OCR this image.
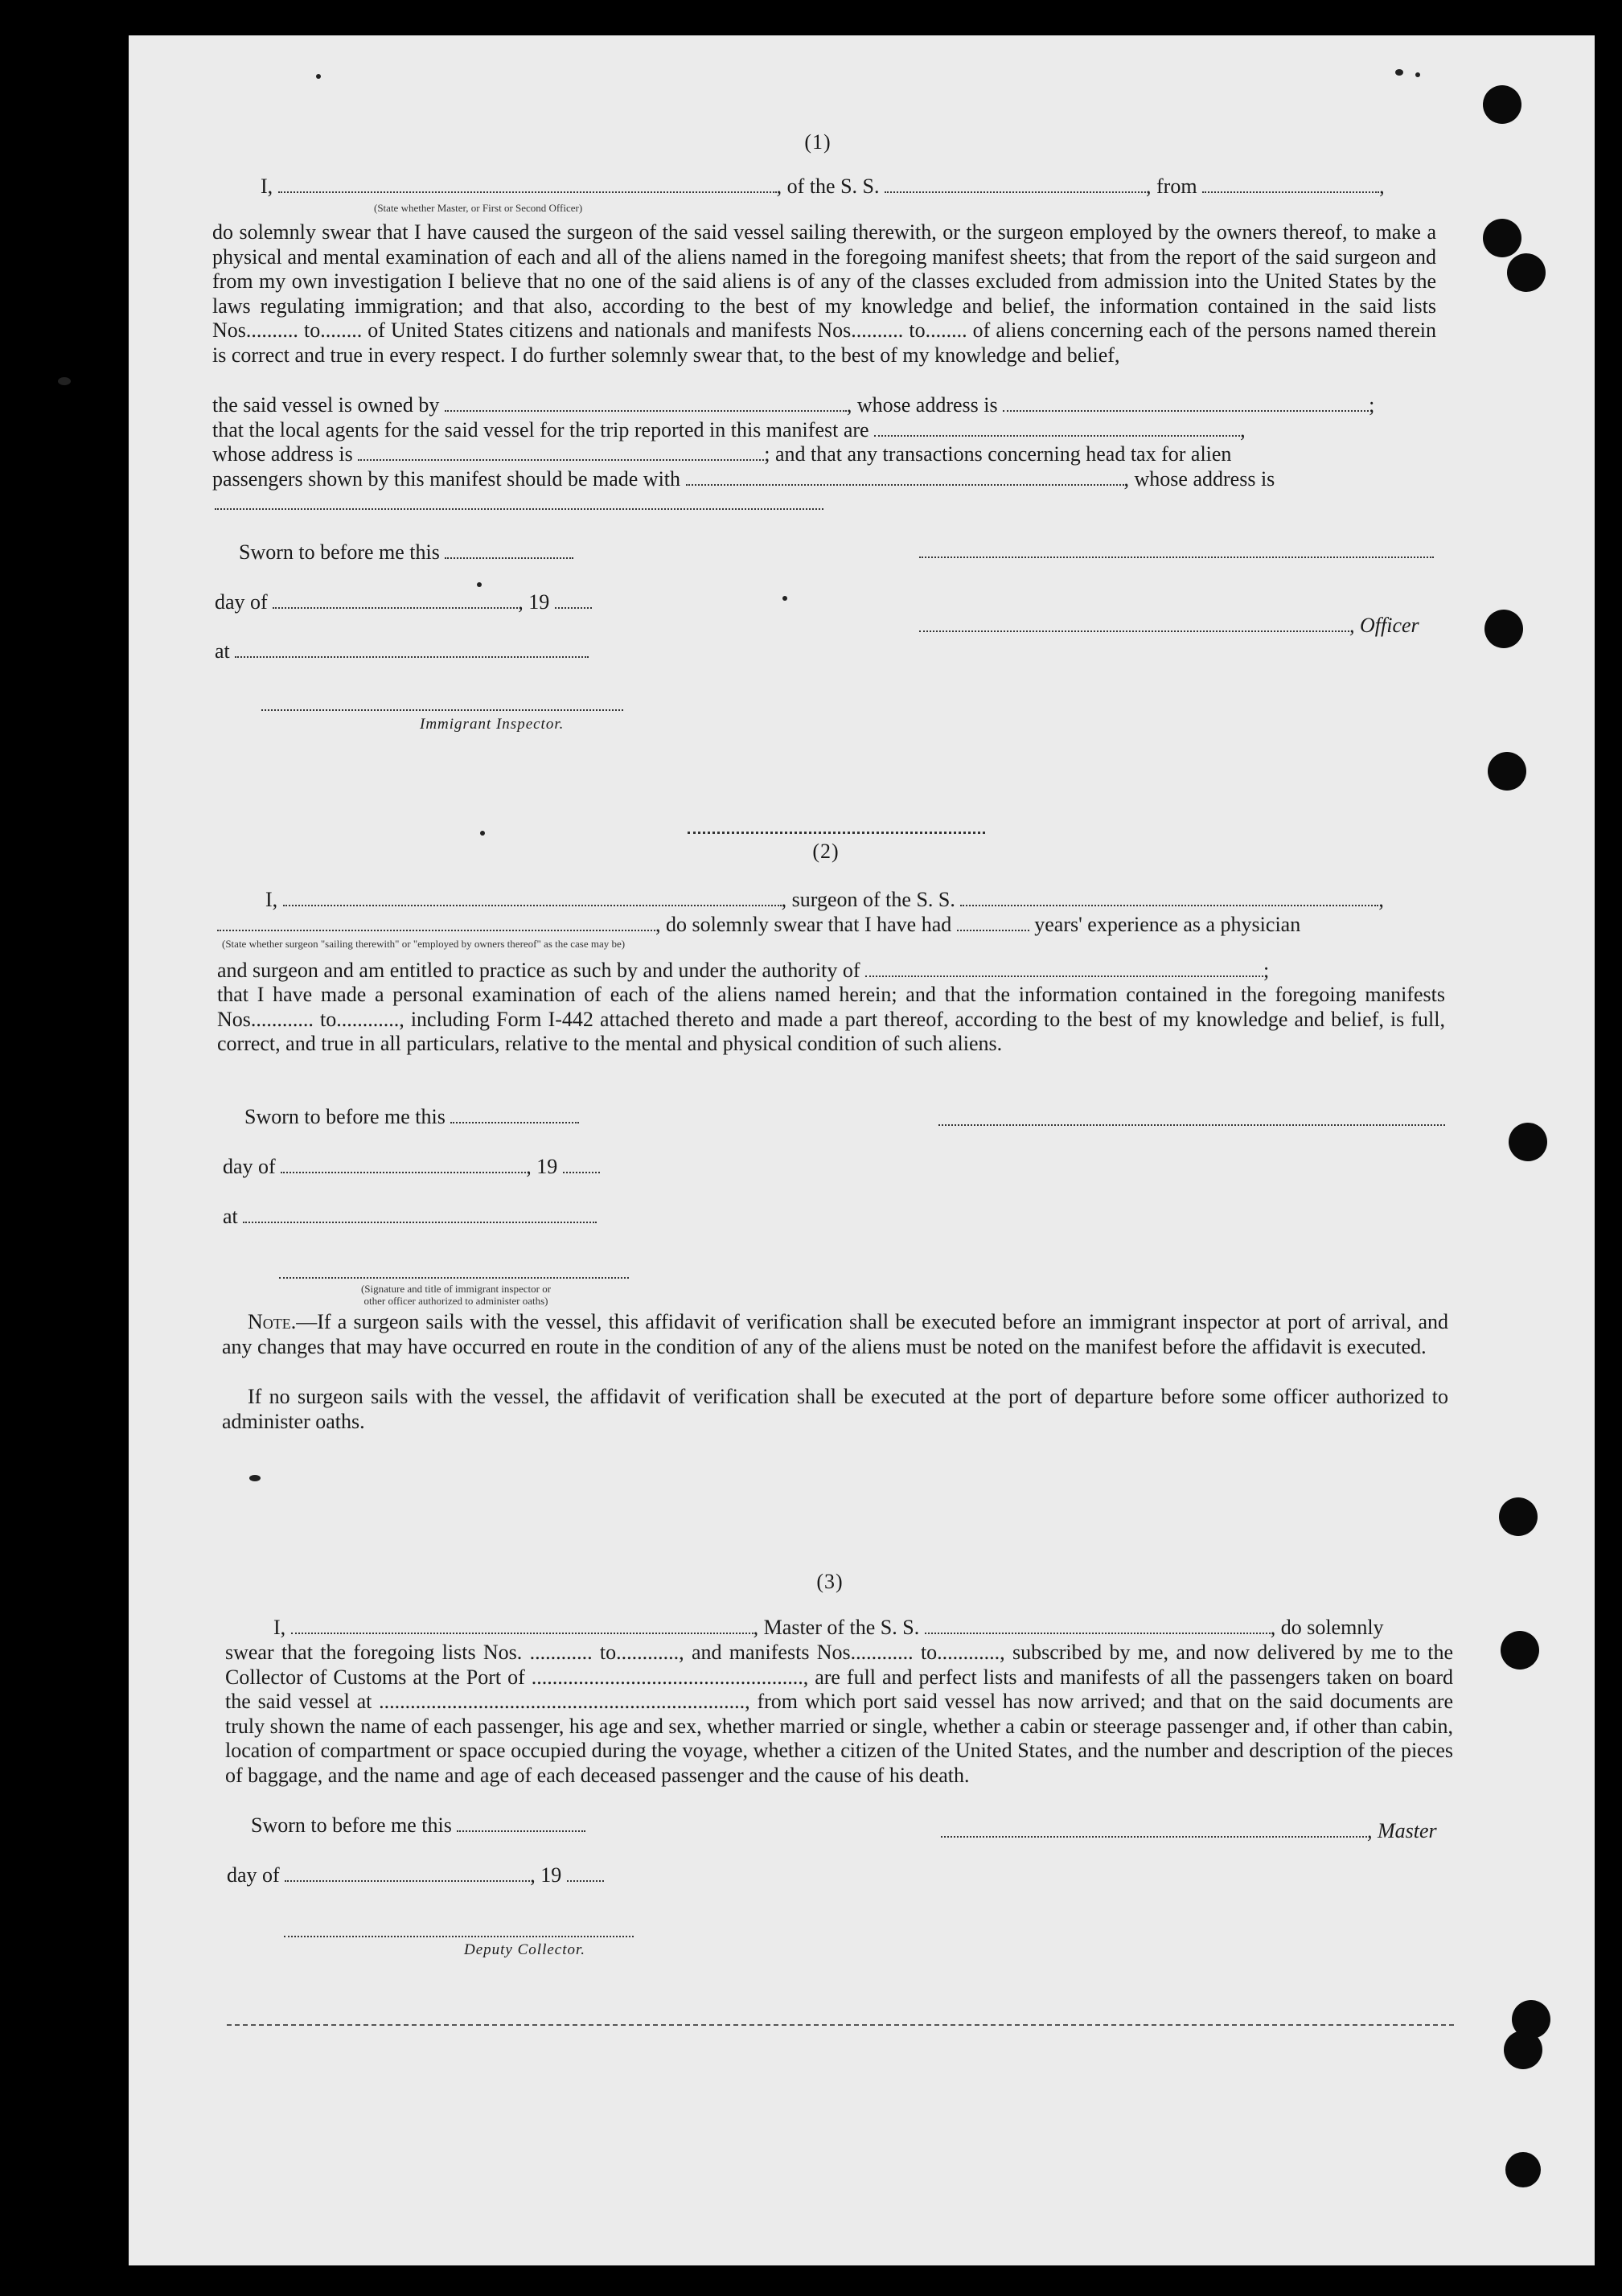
(1)
I,	, of the S. S.	, from	,
(State whether Master, or First or Second Officer)
do solemnly swear that I have caused the surgeon of the said vessel sailing therewith, or the surgeon employed by the owners thereof, to make a physical and mental examination of each and all of the aliens named in the foregoing manifest sheets; that from the report of the said surgeon and from my own investigation I believe that no one of the said aliens is of any of the classes excluded from admission into the United States by the laws regulating immigration; and that also, according to the best of my knowledge and belief, the information contained in the said lists Nos.......... to........ of United States citizens and nationals and manifests Nos.......... to........ of aliens concerning each of the persons named therein is correct and true in every respect. I do further solemnly swear that, to the best of my knowledge and belief,
the said vessel is owned by	, whose address is	;
that the local agents for the said vessel for the trip reported in this manifest are	,
whose address is	; and that any transactions concerning head tax for alien
passengers shown by this manifest should be made with	, whose address is
Sworn to before me this
day of	, 19
, Officer
at
Immigrant Inspector.
(2)
I,	, surgeon of the S. S.	,
, do solemnly swear that I have had	years' experience as a physician
(State whether surgeon "sailing therewith" or "employed by owners thereof" as the case may be)
and surgeon and am entitled to practice as such by and under the authority of	;
that I have made a personal examination of each of the aliens named herein; and that the information contained in the foregoing manifests Nos............ to............, including Form I-442 attached thereto and made a part thereof, according to the best of my knowledge and belief, is full, correct, and true in all particulars, relative to the mental and physical condition of such aliens.
Sworn to before me this
day of	, 19
at
(Signature and title of immigrant inspector or
other officer authorized to administer oaths)
Note.—If a surgeon sails with the vessel, this affidavit of verification shall be executed before an immigrant inspector at port of arrival, and any changes that may have occurred en route in the condition of any of the aliens must be noted on the manifest before the affidavit is executed.
If no surgeon sails with the vessel, the affidavit of verification shall be executed at the port of departure before some officer authorized to administer oaths.
(3)
I,	, Master of the S. S.	, do solemnly
swear that the foregoing lists Nos. ............ to............, and manifests Nos............ to............, subscribed by me, and now delivered by me to the Collector of Customs at the Port of ...................................................., are full and perfect lists and manifests of all the passengers taken on board the said vessel at ......................................................................, from which port said vessel has now arrived; and that on the said documents are truly shown the name of each passenger, his age and sex, whether married or single, whether a cabin or steerage passenger and, if other than cabin, location of compartment or space occupied during the voyage, whether a citizen of the United States, and the number and description of the pieces of baggage, and the name and age of each deceased passenger and the cause of his death.
Sworn to before me this	, Master
day of	, 19
Deputy Collector.
